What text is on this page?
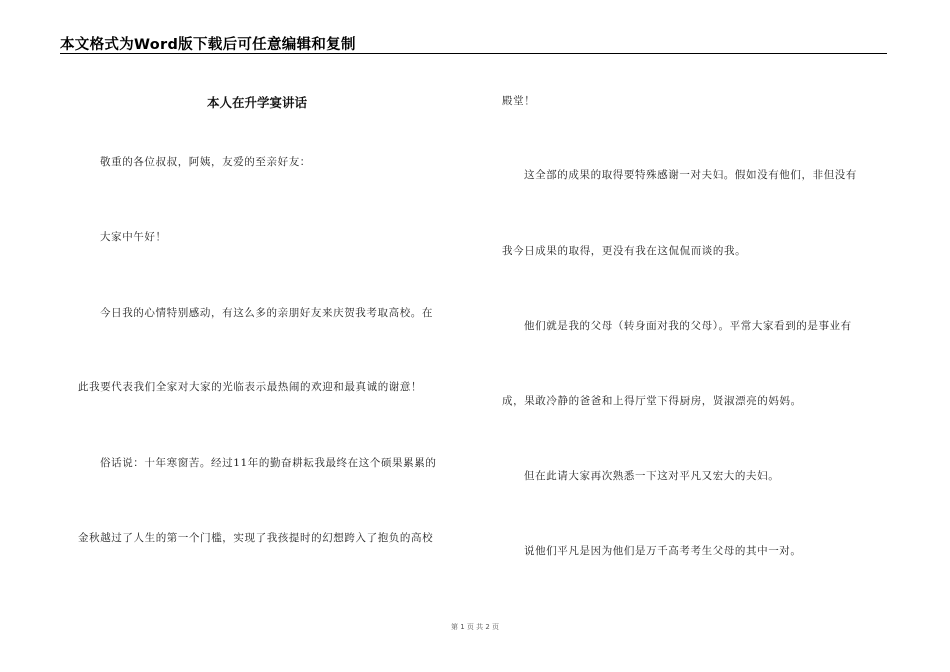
本文格式为Word版下载后可任意编辑和复制
本人在升学宴讲话
敬重的各位叔叔，阿姨，友爱的至亲好友：
大家中午好！
今日我的心情特别感动，有这么多的亲朋好友来庆贺我考取高校。在
此我要代表我们全家对大家的光临表示最热闹的欢迎和最真诚的谢意！
俗话说：十年寒窗苦。经过11年的勤奋耕耘我最终在这个硕果累累的
金秋越过了人生的第一个门槛，实现了我孩提时的幻想跨入了抱负的高校
殿堂！
这全部的成果的取得要特殊感谢一对夫妇。假如没有他们，非但没有
我今日成果的取得，更没有我在这侃侃而谈的我。
他们就是我的父母（转身面对我的父母）。平常大家看到的是事业有
成，果敢冷静的爸爸和上得厅堂下得厨房，贤淑漂亮的妈妈。
但在此请大家再次熟悉一下这对平凡又宏大的夫妇。
说他们平凡是因为他们是万千高考考生父母的其中一对。
第 1 页 共 2 页
